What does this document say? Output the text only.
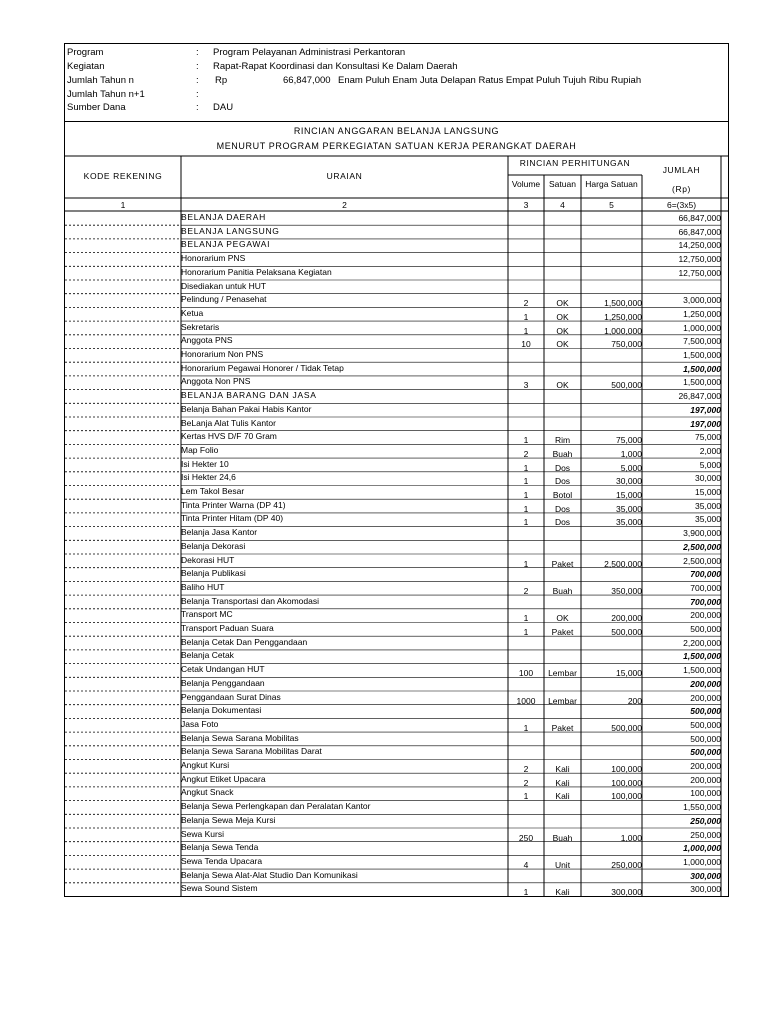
Program	: Program Pelayanan Administrasi Perkantoran
Kegiatan	: Rapat-Rapat Koordinasi dan Konsultasi Ke Dalam Daerah
Jumlah Tahun n	: Rp	66,847,000 Enam Puluh Enam Juta Delapan Ratus Empat Puluh Tujuh Ribu Rupiah
Jumlah Tahun n+1	:
Sumber Dana	: DAU
RINCIAN ANGGARAN BELANJA LANGSUNG
MENURUT PROGRAM PERKEGIATAN SATUAN KERJA PERANGKAT DAERAH
KODE REKENING	URAIAN
RINCIAN PERHITUNGAN
Volume	Satuan	Harga Satuan
JUMLAH
(Rp)
1	2	3	4	5	6=(3x5)
BELANJA DAERAH	66,847,000
BELANJA LANGSUNG	66,847,000
BELANJA PEGAWAI	14,250,000
Honorarium PNS	12,750,000
Honorarium Panitia Pelaksana Kegiatan	12,750,000
Disediakan untuk HUT
Pelindung / Penasehat	2	OK	1,500,000	3,000,000
Ketua	1	OK	1,250,000	1,250,000
Sekretaris	1	OK	1,000,000	1,000,000
Anggota PNS	10	OK	750,000	7,500,000
Honorarium Non PNS	1,500,000
Honorarium Pegawai Honorer / Tidak Tetap	1,500,000
Anggota Non PNS	3	OK	500,000	1,500,000
BELANJA BARANG DAN JASA	26,847,000
Belanja Bahan Pakai Habis Kantor	197,000
BeLanja Alat Tulis Kantor	197,000
Kertas HVS D/F 70 Gram	1	Rim	75,000	75,000
Map Folio	2	Buah	1,000	2,000
Isi Hekter 10	1	Dos	5,000	5,000
Isi Hekter 24,6	1	Dos	30,000	30,000
Lem Takol Besar	1	Botol	15,000	15,000
Tinta Printer Warna (DP 41)	1	Dos	35,000	35,000
Tinta Printer Hitam (DP 40)	1	Dos	35,000	35,000
Belanja Jasa Kantor	3,900,000
Belanja Dekorasi	2,500,000
Dekorasi HUT	1	Paket	2,500,000	2,500,000
Belanja Publikasi	700,000
Baliho HUT	2	Buah	350,000	700,000
Belanja Transportasi dan Akomodasi	700,000
Transport MC	1	OK	200,000	200,000
Transport Paduan Suara	1	Paket	500,000	500,000
Belanja Cetak Dan Penggandaan	2,200,000
Belanja Cetak	1,500,000
Cetak Undangan HUT	100	Lembar	15,000	1,500,000
Belanja Penggandaan	200,000
Penggandaan Surat Dinas	1000	Lembar	200	200,000
Belanja Dokumentasi	500,000
Jasa Foto	1	Paket	500,000	500,000
Belanja Sewa Sarana Mobilitas	500,000
Belanja Sewa Sarana Mobilitas Darat	500,000
Angkut Kursi	2	Kali	100,000	200,000
Angkut Etiket Upacara	2	Kali	100,000	200,000
Angkut Snack	1	Kali	100,000	100,000
Belanja Sewa Perlengkapan dan Peralatan Kantor	1,550,000
Belanja Sewa Meja Kursi	250,000
Sewa Kursi	250	Buah	1,000	250,000
Belanja Sewa Tenda	1,000,000
Sewa Tenda Upacara	4	Unit	250,000	1,000,000
Belanja Sewa Alat-Alat Studio Dan Komunikasi	300,000
Sewa Sound Sistem	1	Kali	300,000	300,000
